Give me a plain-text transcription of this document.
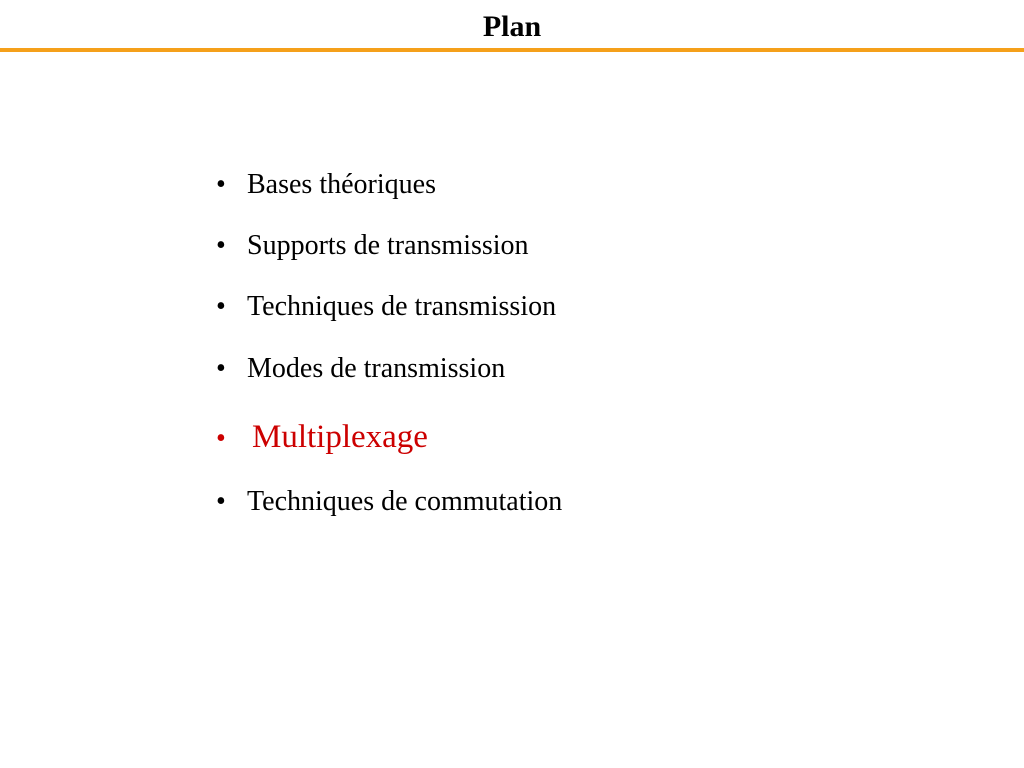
Plan
• Bases théoriques
• Supports de transmission
• Techniques de transmission
• Modes de transmission
• Multiplexage
• Techniques de commutation
